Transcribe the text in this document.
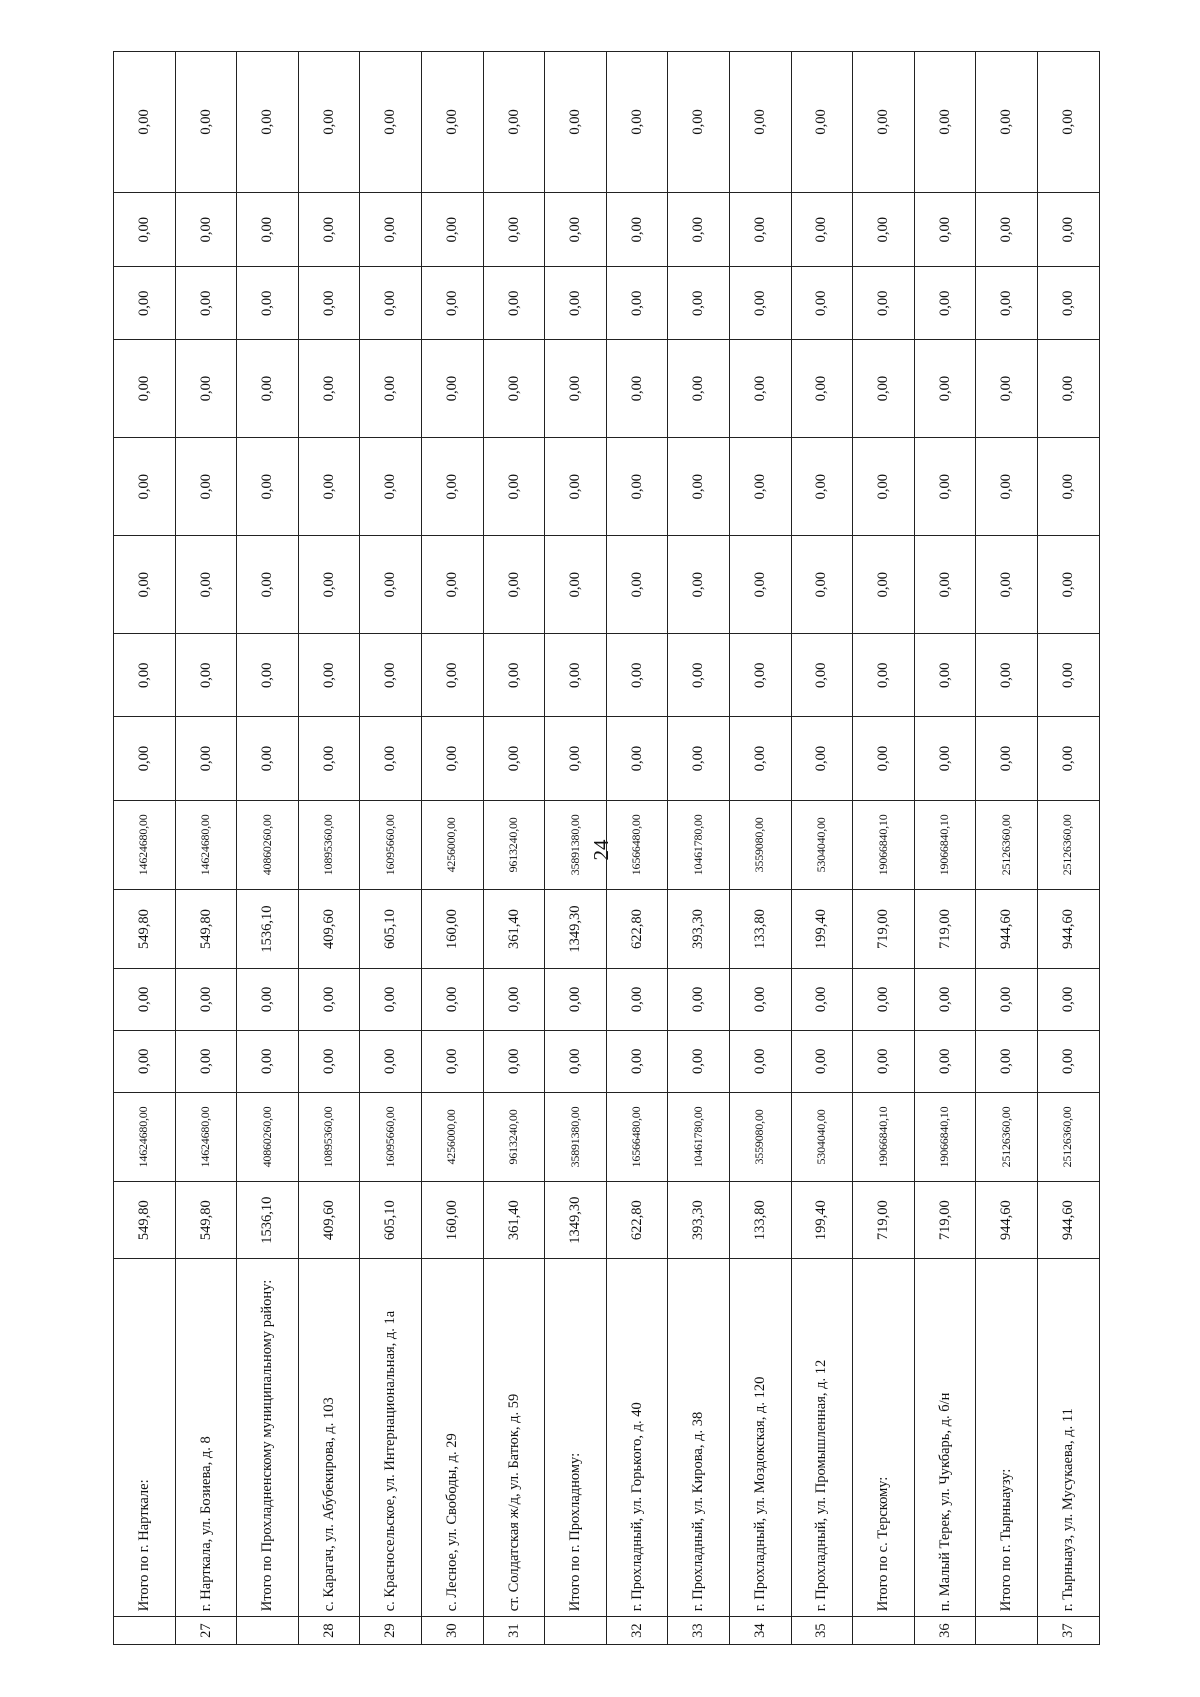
24
	Итого по г. Нарткале:	549,80	14624680,00	0,00	0,00	549,80	14624680,00	0,00	0,00	0,00	0,00	0,00	0,00	0,00	0,00
27	г. Нарткала, ул. Бозиева, д. 8	549,80	14624680,00	0,00	0,00	549,80	14624680,00	0,00	0,00	0,00	0,00	0,00	0,00	0,00	0,00
	Итого по Прохладненскому муниципальному району:	1536,10	40860260,00	0,00	0,00	1536,10	40860260,00	0,00	0,00	0,00	0,00	0,00	0,00	0,00	0,00
28	с. Карагач, ул. Абубекирова, д. 103	409,60	10895360,00	0,00	0,00	409,60	10895360,00	0,00	0,00	0,00	0,00	0,00	0,00	0,00	0,00
29	с. Красносельское, ул. Интернациональная, д. 1а	605,10	16095660,00	0,00	0,00	605,10	16095660,00	0,00	0,00	0,00	0,00	0,00	0,00	0,00	0,00
30	с. Лесное, ул. Свободы, д. 29	160,00	4256000,00	0,00	0,00	160,00	4256000,00	0,00	0,00	0,00	0,00	0,00	0,00	0,00	0,00
31	ст. Солдатская ж/д, ул. Батюк, д. 59	361,40	9613240,00	0,00	0,00	361,40	9613240,00	0,00	0,00	0,00	0,00	0,00	0,00	0,00	0,00
	Итого по г. Прохладному:	1349,30	35891380,00	0,00	0,00	1349,30	35891380,00	0,00	0,00	0,00	0,00	0,00	0,00	0,00	0,00
32	г. Прохладный, ул. Горького, д. 40	622,80	16566480,00	0,00	0,00	622,80	16566480,00	0,00	0,00	0,00	0,00	0,00	0,00	0,00	0,00
33	г. Прохладный, ул. Кирова, д. 38	393,30	10461780,00	0,00	0,00	393,30	10461780,00	0,00	0,00	0,00	0,00	0,00	0,00	0,00	0,00
34	г. Прохладный, ул. Моздокская, д. 120	133,80	3559080,00	0,00	0,00	133,80	3559080,00	0,00	0,00	0,00	0,00	0,00	0,00	0,00	0,00
35	г. Прохладный, ул. Промышленная, д. 12	199,40	5304040,00	0,00	0,00	199,40	5304040,00	0,00	0,00	0,00	0,00	0,00	0,00	0,00	0,00
	Итого по с. Терскому:	719,00	19066840,10	0,00	0,00	719,00	19066840,10	0,00	0,00	0,00	0,00	0,00	0,00	0,00	0,00
36	п. Малый Терек, ул. Чукбарь, д. б/н	719,00	19066840,10	0,00	0,00	719,00	19066840,10	0,00	0,00	0,00	0,00	0,00	0,00	0,00	0,00
	Итого по г. Тырныаузу:	944,60	25126360,00	0,00	0,00	944,60	25126360,00	0,00	0,00	0,00	0,00	0,00	0,00	0,00	0,00
37	г. Тырныауз, ул. Мусукаева, д. 11	944,60	25126360,00	0,00	0,00	944,60	25126360,00	0,00	0,00	0,00	0,00	0,00	0,00	0,00	0,00
